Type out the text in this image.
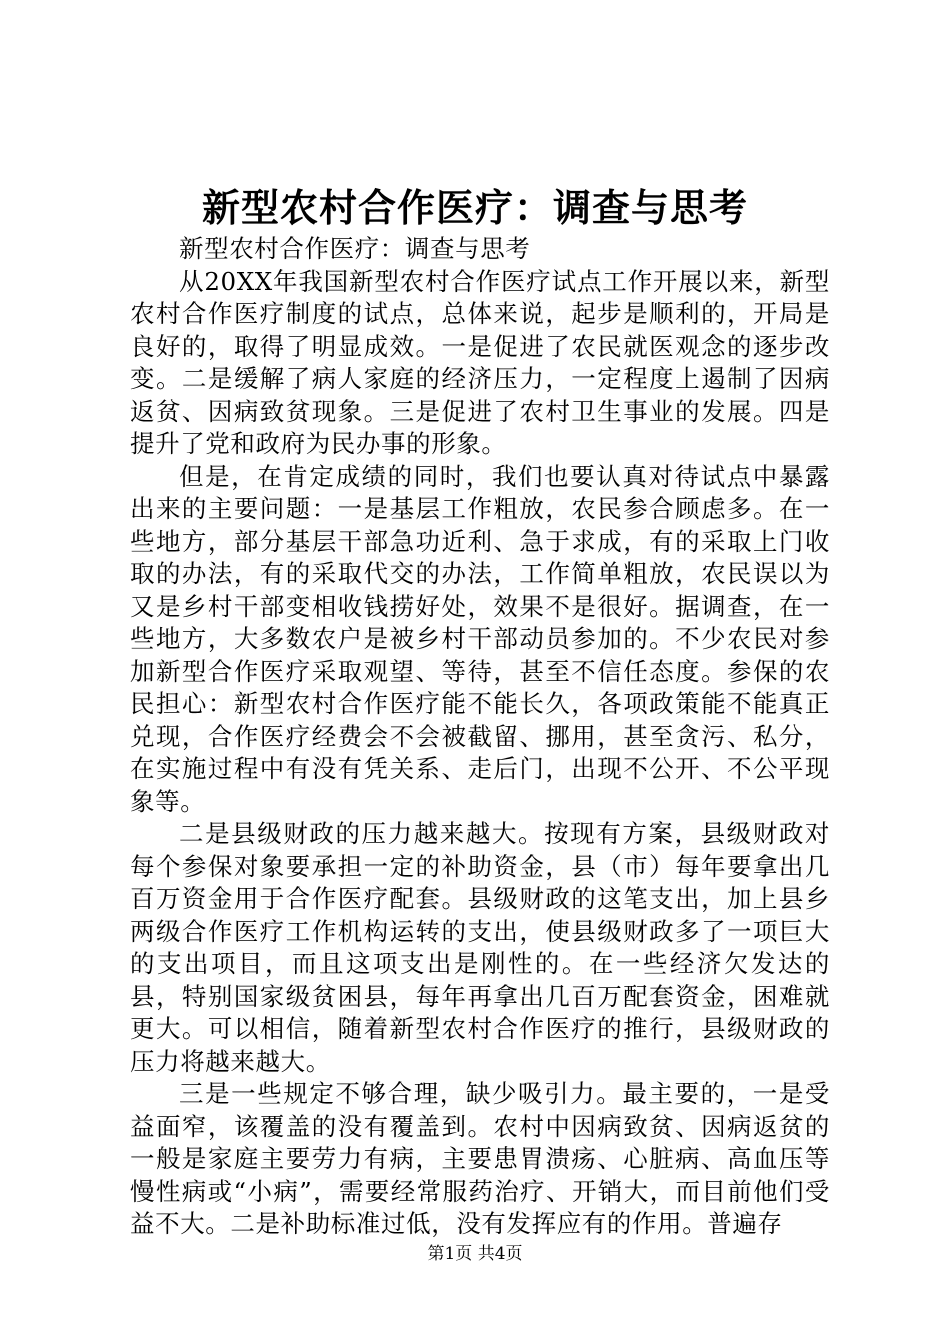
新型农村合作医疗：调查与思考

新型农村合作医疗：调查与思考

从20XX年我国新型农村合作医疗试点工作开展以来，新型农村合作医疗制度的试点，总体来说，起步是顺利的，开局是良好的，取得了明显成效。一是促进了农民就医观念的逐步改变。二是缓解了病人家庭的经济压力，一定程度上遏制了因病返贫、因病致贫现象。三是促进了农村卫生事业的发展。四是提升了党和政府为民办事的形象。

但是，在肯定成绩的同时，我们也要认真对待试点中暴露出来的主要问题：一是基层工作粗放，农民参合顾虑多。在一些地方，部分基层干部急功近利、急于求成，有的采取上门收取的办法，有的采取代交的办法，工作简单粗放，农民误以为又是乡村干部变相收钱捞好处，效果不是很好。据调查，在一些地方，大多数农户是被乡村干部动员参加的。不少农民对参加新型合作医疗采取观望、等待，甚至不信任态度。参保的农民担心：新型农村合作医疗能不能长久，各项政策能不能真正兑现，合作医疗经费会不会被截留、挪用，甚至贪污、私分，在实施过程中有没有凭关系、走后门，出现不公开、不公平现象等。

二是县级财政的压力越来越大。按现有方案，县级财政对每个参保对象要承担一定的补助资金，县（市）每年要拿出几百万资金用于合作医疗配套。县级财政的这笔支出，加上县乡两级合作医疗工作机构运转的支出，使县级财政多了一项巨大的支出项目，而且这项支出是刚性的。在一些经济欠发达的县，特别国家级贫困县，每年再拿出几百万配套资金，困难就更大。可以相信，随着新型农村合作医疗的推行，县级财政的压力将越来越大。

三是一些规定不够合理，缺少吸引力。最主要的，一是受益面窄，该覆盖的没有覆盖到。农村中因病致贫、因病返贫的一般是家庭主要劳力有病，主要患胃溃疡、心脏病、高血压等慢性病或“小病”，需要经常服药治疗、开销大，而目前他们受益不大。二是补助标准过低，没有发挥应有的作用。普遍存

第1页 共4页
